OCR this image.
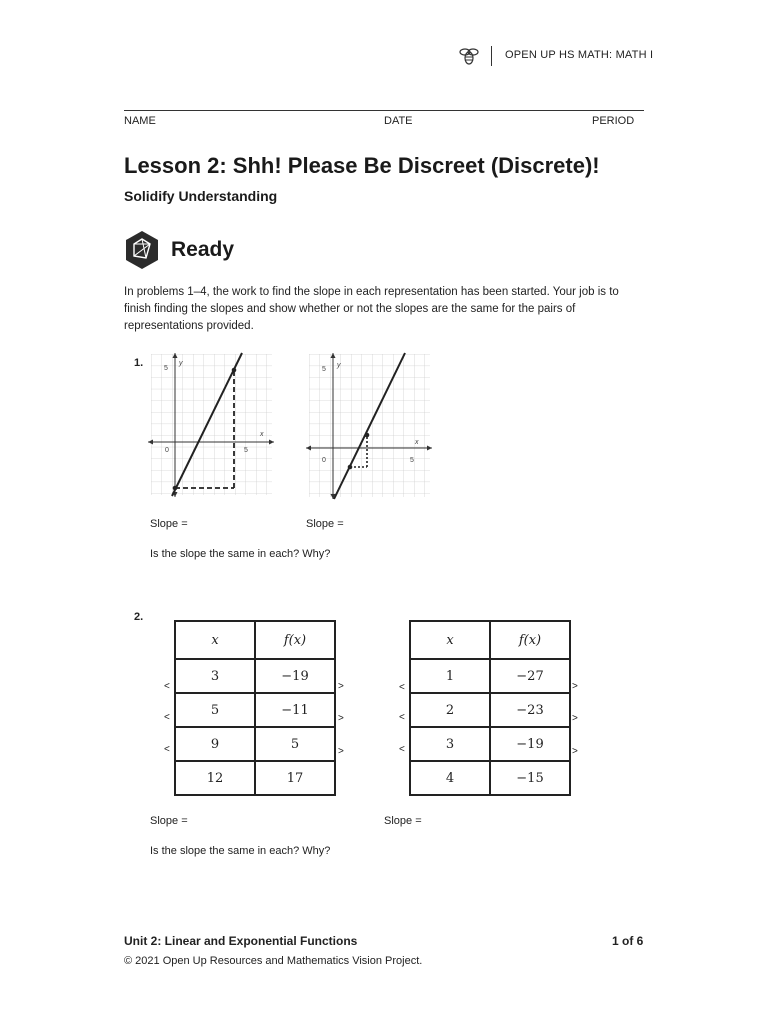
OPEN UP HS MATH: MATH I
NAME	DATE	PERIOD
Lesson 2: Shh! Please Be Discreet (Discrete)!
Solidify Understanding
Ready
In problems 1–4, the work to find the slope in each representation has been started. Your job is to finish finding the slopes and show whether or not the slopes are the same for the pairs of representations provided.
1.	y
5
x
0	5
y
5
x
0	5
Slope =	Slope =
Is the slope the same in each? Why?
2.
x	f(x)
3	−19
5	−11
9	5
12	17
<
<
<
>
>
>
x	f(x)
1	−27
2	−23
3	−19
4	−15
<
<
<
>
>
>
Slope =	Slope =
Is the slope the same in each? Why?
Unit 2: Linear and Exponential Functions	1 of 6
© 2021 Open Up Resources and Mathematics Vision Project.
